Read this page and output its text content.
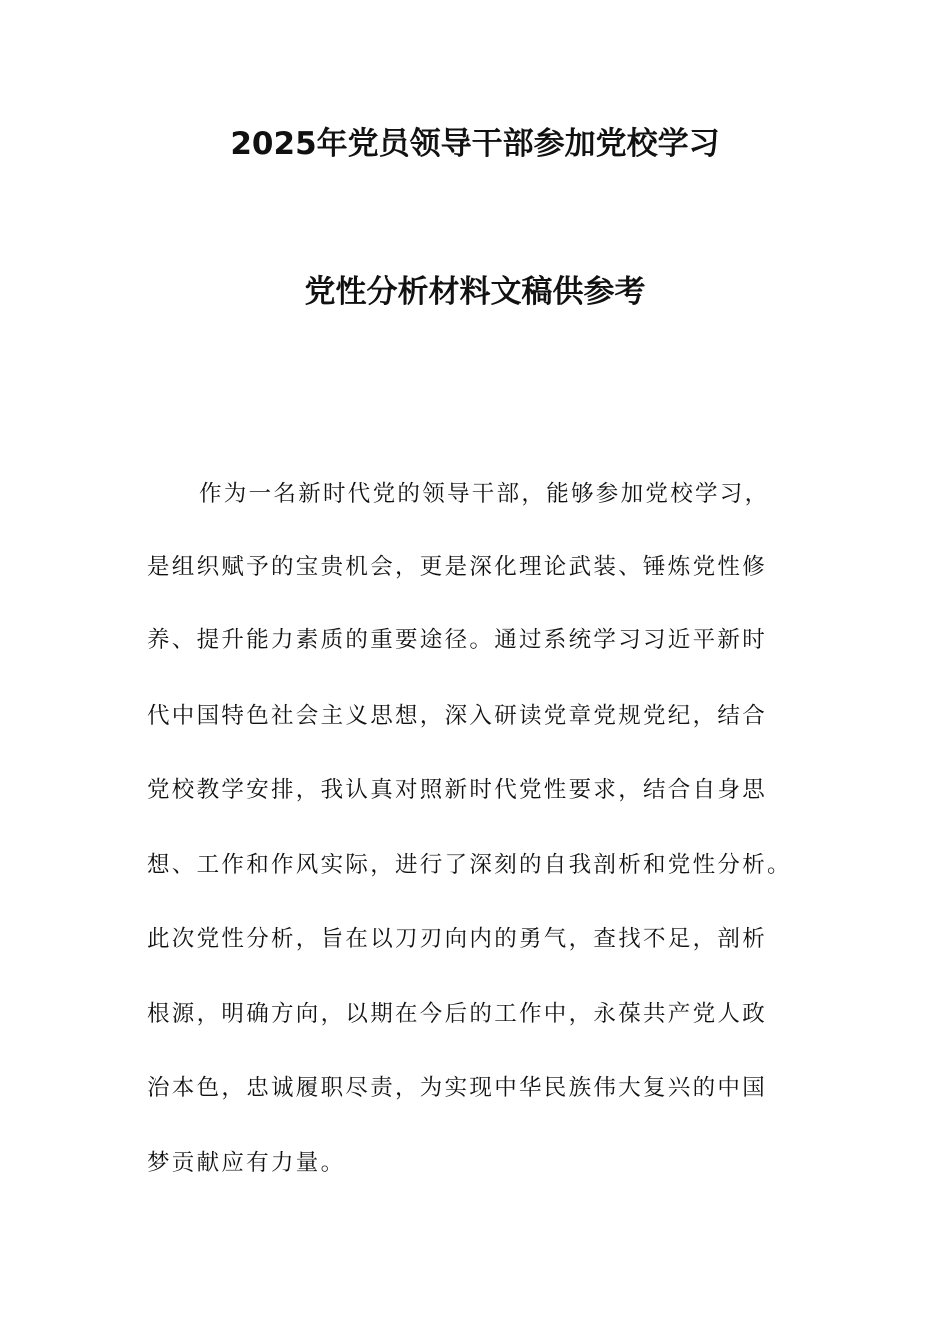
2025年党员领导干部参加党校学习
党性分析材料文稿供参考
作为一名新时代党的领导干部，能够参加党校学习，
是组织赋予的宝贵机会，更是深化理论武装、锤炼党性修
养、提升能力素质的重要途径。通过系统学习习近平新时
代中国特色社会主义思想，深入研读党章党规党纪，结合
党校教学安排，我认真对照新时代党性要求，结合自身思
想、工作和作风实际，进行了深刻的自我剖析和党性分析。
此次党性分析，旨在以刀刃向内的勇气，查找不足，剖析
根源，明确方向，以期在今后的工作中，永葆共产党人政
治本色，忠诚履职尽责，为实现中华民族伟大复兴的中国
梦贡献应有力量。
